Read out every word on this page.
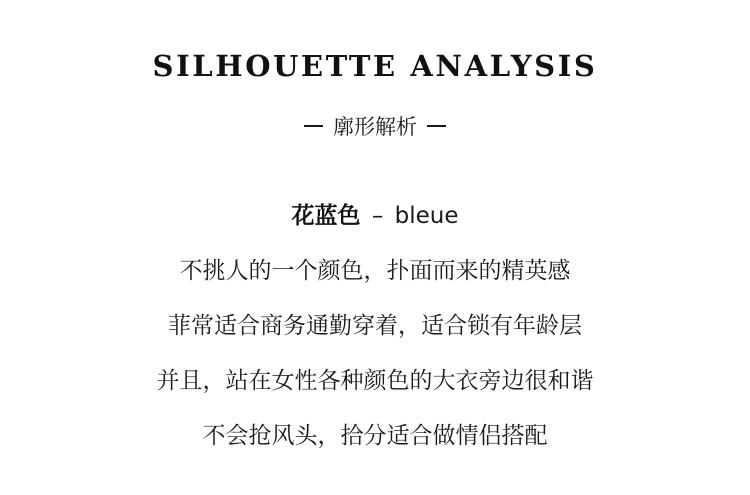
SILHOUETTE ANALYSIS
廓形解析
花蓝色 – bleue
不挑人的一个颜色，扑面而来的精英感
菲常适合商务通勤穿着，适合锁有年龄层
并且，站在女性各种颜色的大衣旁边很和谐
不会抢风头，拾分适合做情侣搭配
